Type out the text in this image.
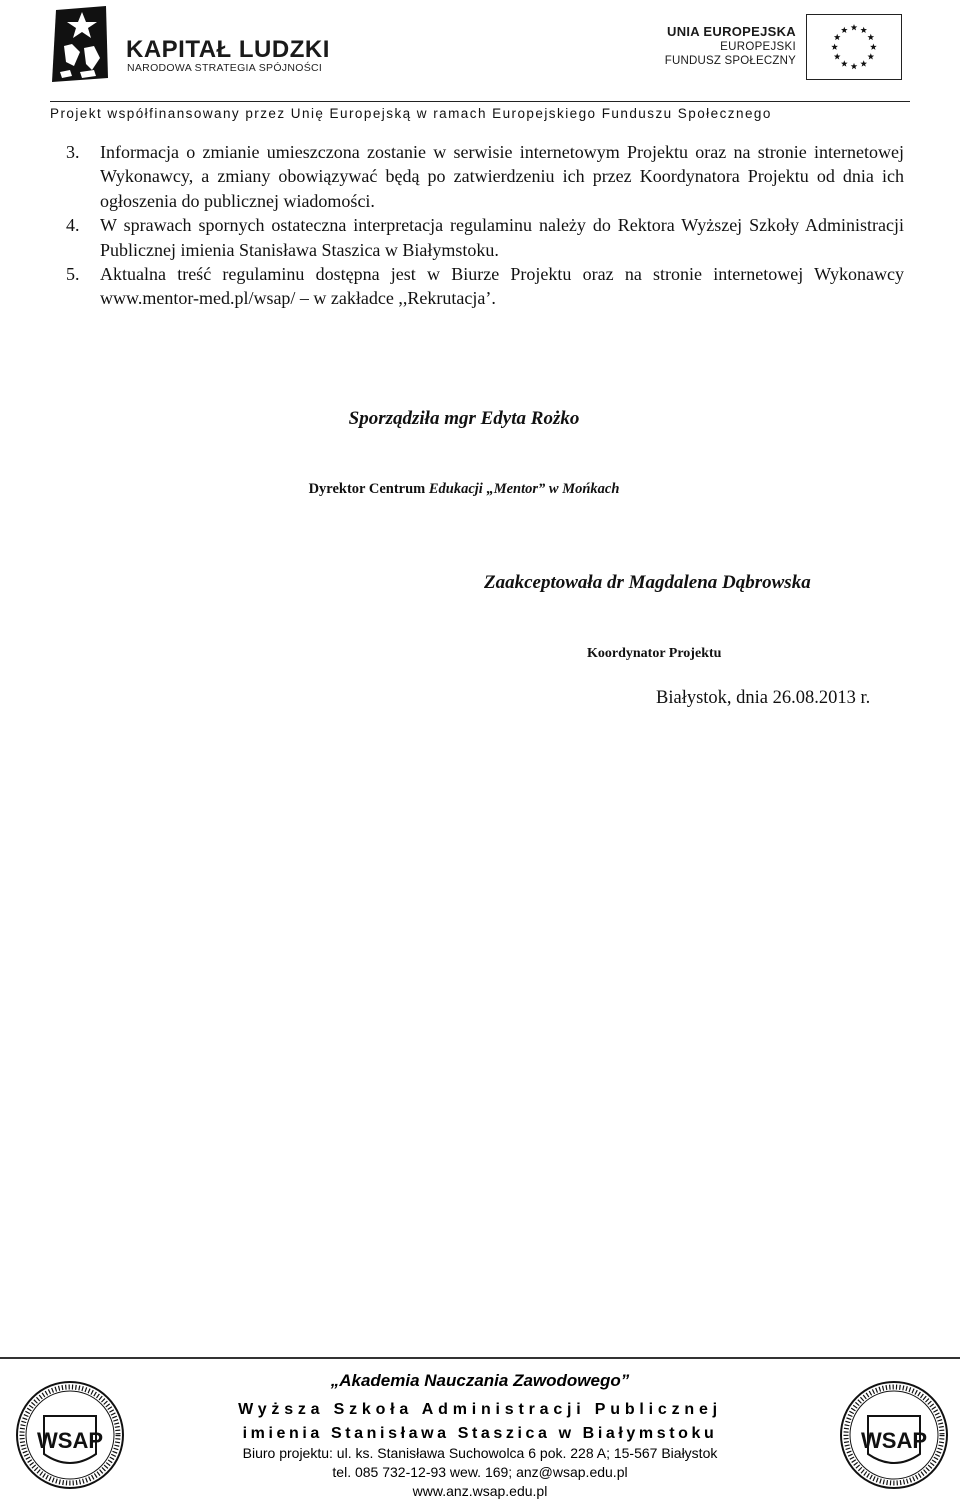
KAPITAŁ LUDZKI
NARODOWA STRATEGIA SPÓJNOŚCI
UNIA EUROPEJSKA
EUROPEJSKI
FUNDUSZ SPOŁECZNY
Projekt współfinansowany przez Unię Europejską w ramach Europejskiego Funduszu Społecznego

3. Informacja o zmianie umieszczona zostanie w serwisie internetowym Projektu oraz na stronie internetowej Wykonawcy, a zmiany obowiązywać będą po zatwierdzeniu ich przez Koordynatora Projektu od dnia ich ogłoszenia do publicznej wiadomości.

4. W sprawach spornych ostateczna interpretacja regulaminu należy do Rektora Wyższej Szkoły Administracji Publicznej imienia Stanisława Staszica w Białymstoku.

5. Aktualna treść regulaminu dostępna jest w Biurze Projektu oraz na stronie internetowej Wykonawcy www.mentor-med.pl/wsap/ – w zakładce ,,Rekrutacja’.

Sporządziła mgr Edyta Rożko
Dyrektor Centrum Edukacji „Mentor” w Mońkach
Zaakceptowała dr Magdalena Dąbrowska
Koordynator Projektu
Białystok, dnia 26.08.2013 r.
WSAP	WSAP
„Akademia Nauczania Zawodowego”
Wyższa Szkoła Administracji Publicznej
imienia Stanisława Staszica w Białymstoku
Biuro projektu: ul. ks. Stanisława Suchowolca 6 pok. 228 A; 15-567 Białystok
tel. 085 732-12-93 wew. 169; anz@wsap.edu.pl
www.anz.wsap.edu.pl
